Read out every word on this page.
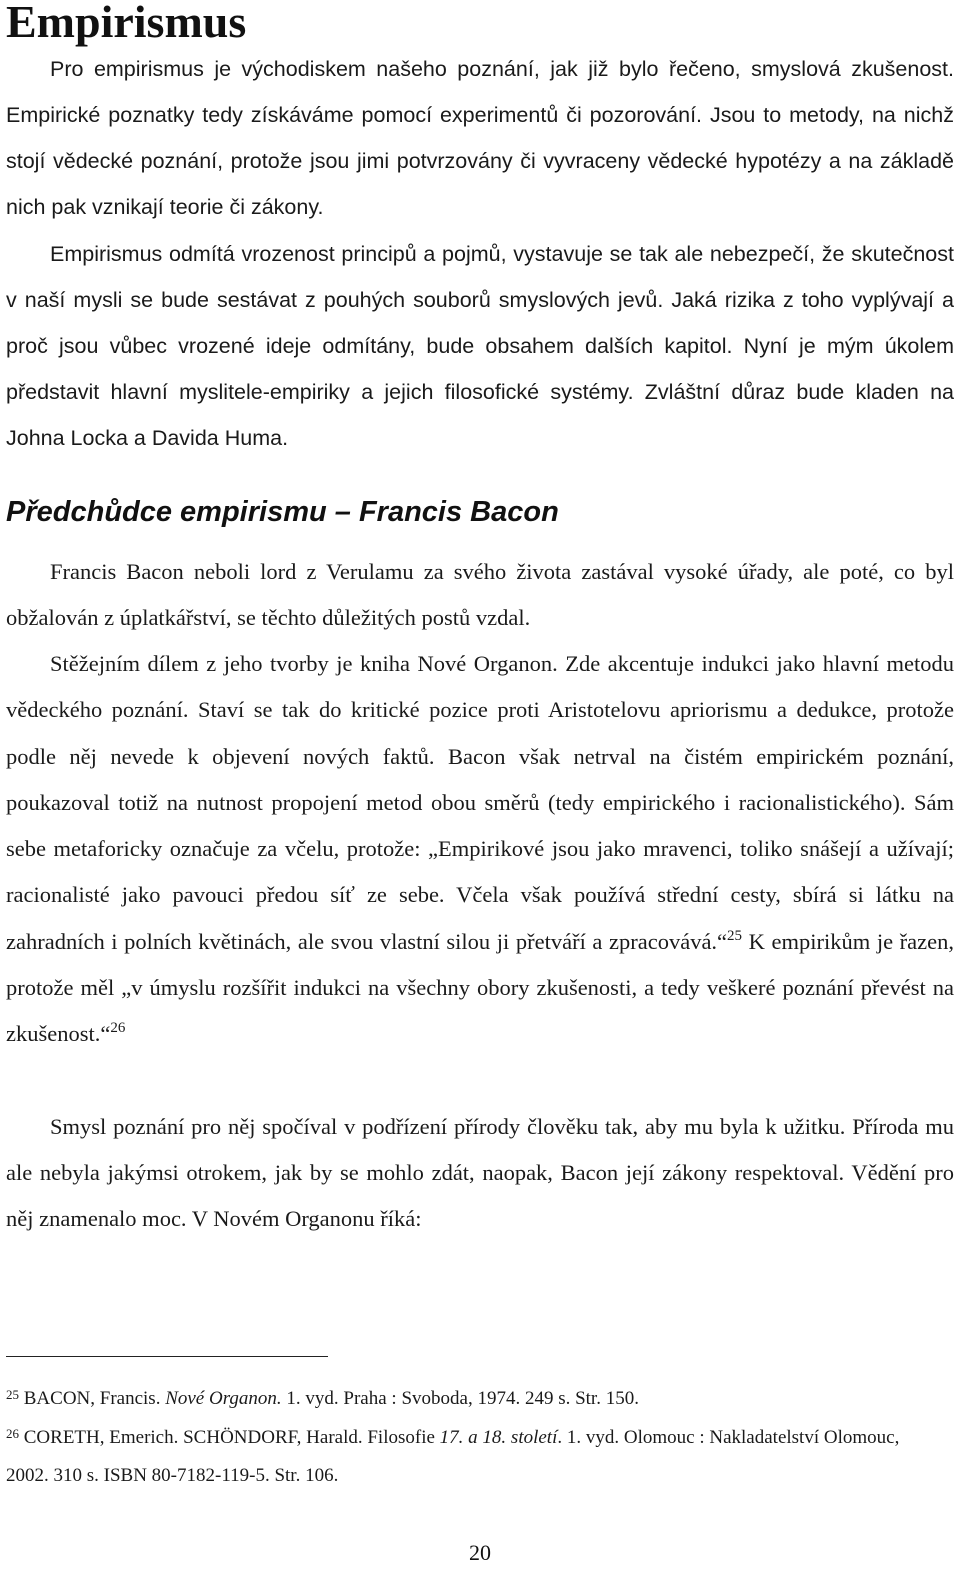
Empirismus

Pro empirismus je východiskem našeho poznání, jak již bylo řečeno, smyslová zkušenost. Empirické poznatky tedy získáváme pomocí experimentů či pozorování. Jsou to metody, na nichž stojí vědecké poznání, protože jsou jimi potvrzovány či vyvraceny vědecké hypotézy a na základě nich pak vznikají teorie či zákony.

Empirismus odmítá vrozenost principů a pojmů, vystavuje se tak ale nebezpečí, že skutečnost v naší mysli se bude sestávat z pouhých souborů smyslových jevů. Jaká rizika z toho vyplývají a proč jsou vůbec vrozené ideje odmítány, bude obsahem dalších kapitol. Nyní je mým úkolem představit hlavní myslitele-empiriky a jejich filosofické systémy. Zvláštní důraz bude kladen na Johna Locka a Davida Huma.

Předchůdce empirismu – Francis Bacon

Francis Bacon neboli lord z Verulamu za svého života zastával vysoké úřady, ale poté, co byl obžalován z úplatkářství, se těchto důležitých postů vzdal.

Stěžejním dílem z jeho tvorby je kniha Nové Organon. Zde akcentuje indukci jako hlavní metodu vědeckého poznání. Staví se tak do kritické pozice proti Aristotelovu apriorismu a dedukce, protože podle něj nevede k objevení nových faktů. Bacon však netrval na čistém empirickém poznání, poukazoval totiž na nutnost propojení metod obou směrů (tedy empirického i racionalistického). Sám sebe metaforicky označuje za včelu, protože: „Empirikové jsou jako mravenci, toliko snášejí a užívají; racionalisté jako pavouci předou síť ze sebe. Včela však používá střední cesty, sbírá si látku na zahradních i polních květinách, ale svou vlastní silou ji přetváří a zpracovává.“$^{25}$ K empirikům je řazen, protože měl „v úmyslu rozšířit indukci na všechny obory zkušenosti, a tedy veškeré poznání převést na zkušenost.“$^{26}$

Smysl poznání pro něj spočíval v podřízení přírody člověku tak, aby mu byla k užitku. Příroda mu ale nebyla jakýmsi otrokem, jak by se mohlo zdát, naopak, Bacon její zákony respektoval. Vědění pro něj znamenalo moc. V Novém Organonu říká:

$^{25}$ BACON, Francis. Nové Organon. 1. vyd. Praha : Svoboda, 1974. 249 s. Str. 150.

$^{26}$ CORETH, Emerich. SCHÖNDORF, Harald. Filosofie 17. a 18. století. 1. vyd. Olomouc : Nakladatelství Olomouc, 2002. 310 s. ISBN 80-7182-119-5. Str. 106.

20
